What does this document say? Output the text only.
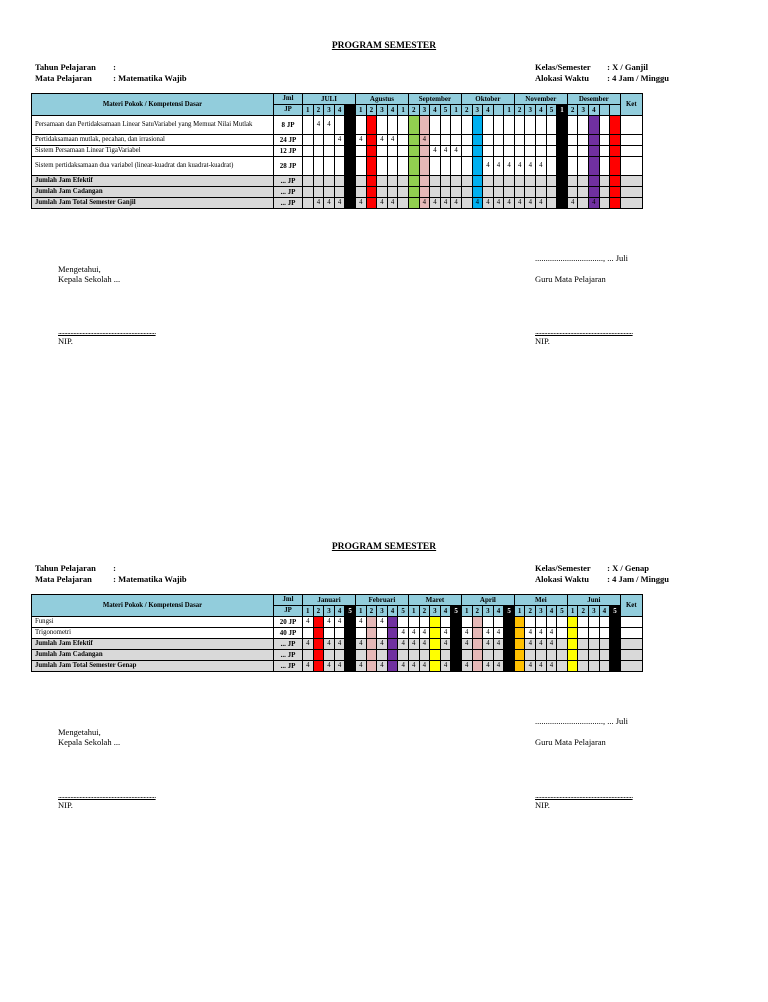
PROGRAM SEMESTER
Tahun Pelajaran :
Mata Pelajaran : Matematika Wajib
Kelas/Semester : X / Ganjil
Alokasi Waktu : 4 Jam / Minggu
Materi Pokok / Kompetensi Dasar	Jml	JULI					Agustus					September					Oktober					November					Desember					Ket
	JP	1	2	3	4		1	2	3	4	1	2	3	4	5	1	2	3	4		1	2	3	4	5	1	2	3	4			
Persamaan dan Pertidaksamaan Linear SatuVariabel yang Memuat Nilai Mutlak	8 JP		4	4																												
Pertidaksamaan mutlak, pecahan, dan irrasional	24 JP				4		4		4	4			4																			
Sistem Persamaan Linear TigaVariabel	12 JP													4	4	4																
Sistem pertidaksamaan dua variabel (linear-kuadrat dan kuadrat-kuadrat)	28 JP																		4	4	4	4	4	4								
Jumlah Jam Efektif	... JP																															
Jumlah Jam Cadangan	... JP																															
Jumlah Jam Total Semester Ganjil	... JP		4	4	4		4		4	4			4	4	4	4		4	4	4	4	4	4	4		4	4		4			
................................, ... Juli
Mengetahui,
Kepala Sekolah ...	Guru Mata Pelajaran
................................................................	................................................................
NIP.	NIP.
PROGRAM SEMESTER
Tahun Pelajaran :
Mata Pelajaran : Matematika Wajib
Kelas/Semester : X / Genap
Alokasi Waktu : 4 Jam / Minggu
Materi Pokok / Kompetensi Dasar	Jml	Januari					Februari					Maret					April					Mei					Juni					Ket
	JP	1	2	3	4	5	1	2	3	4	5	1	2	3	4	5	1	2	3	4	5	1	2	3	4	5	1	2	3	4	5	
Fungsi	20 JP	4		4	4		4		4																							
Trigonometri	40 JP										4	4	4		4		4		4	4			4	4	4							
Jumlah Jam Efektif	... JP	4		4	4		4		4		4	4	4		4		4		4	4			4	4	4							
Jumlah Jam Cadangan	... JP																															
Jumlah Jam Total Semester Genap	... JP	4		4	4		4		4		4	4	4		4		4		4	4			4	4	4							
................................, ... Juli
Mengetahui,
Kepala Sekolah ...	Guru Mata Pelajaran
................................................................	................................................................
NIP.	NIP.
